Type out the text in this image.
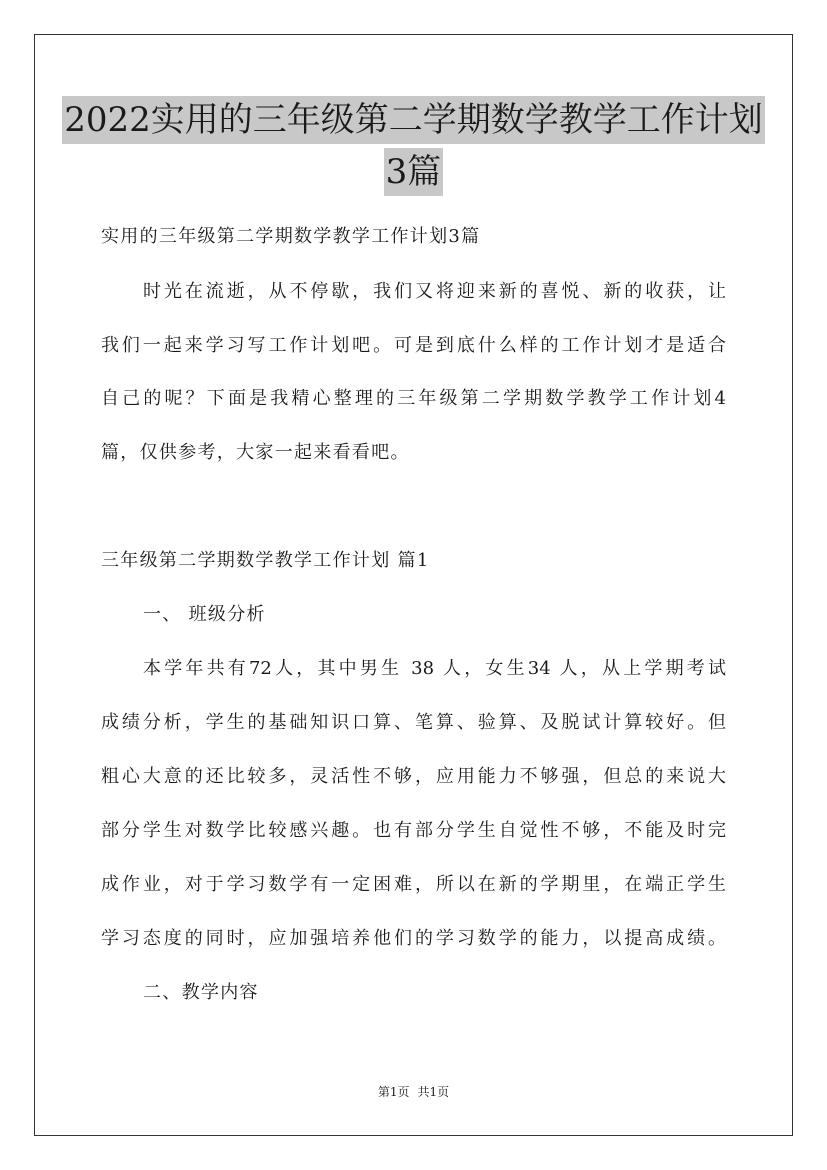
2022实用的三年级第二学期数学教学工作计划
3篇
实用的三年级第二学期数学教学工作计划3篇
时光在流逝，从不停歇，我们又将迎来新的喜悦、新的收获，让
我们一起来学习写工作计划吧。可是到底什么样的工作计划才是适合
自己的呢？下面是我精心整理的三年级第二学期数学教学工作计划4
篇，仅供参考，大家一起来看看吧。
三年级第二学期数学教学工作计划 篇1
一、 班级分析
本学年共有72人，其中男生 38 人，女生34 人，从上学期考试
成绩分析，学生的基础知识口算、笔算、验算、及脱试计算较好。但
粗心大意的还比较多，灵活性不够，应用能力不够强，但总的来说大
部分学生对数学比较感兴趣。也有部分学生自觉性不够，不能及时完
成作业，对于学习数学有一定困难，所以在新的学期里，在端正学生
学习态度的同时，应加强培养他们的学习数学的能力，以提高成绩。
二、教学内容
第1页 共1页
